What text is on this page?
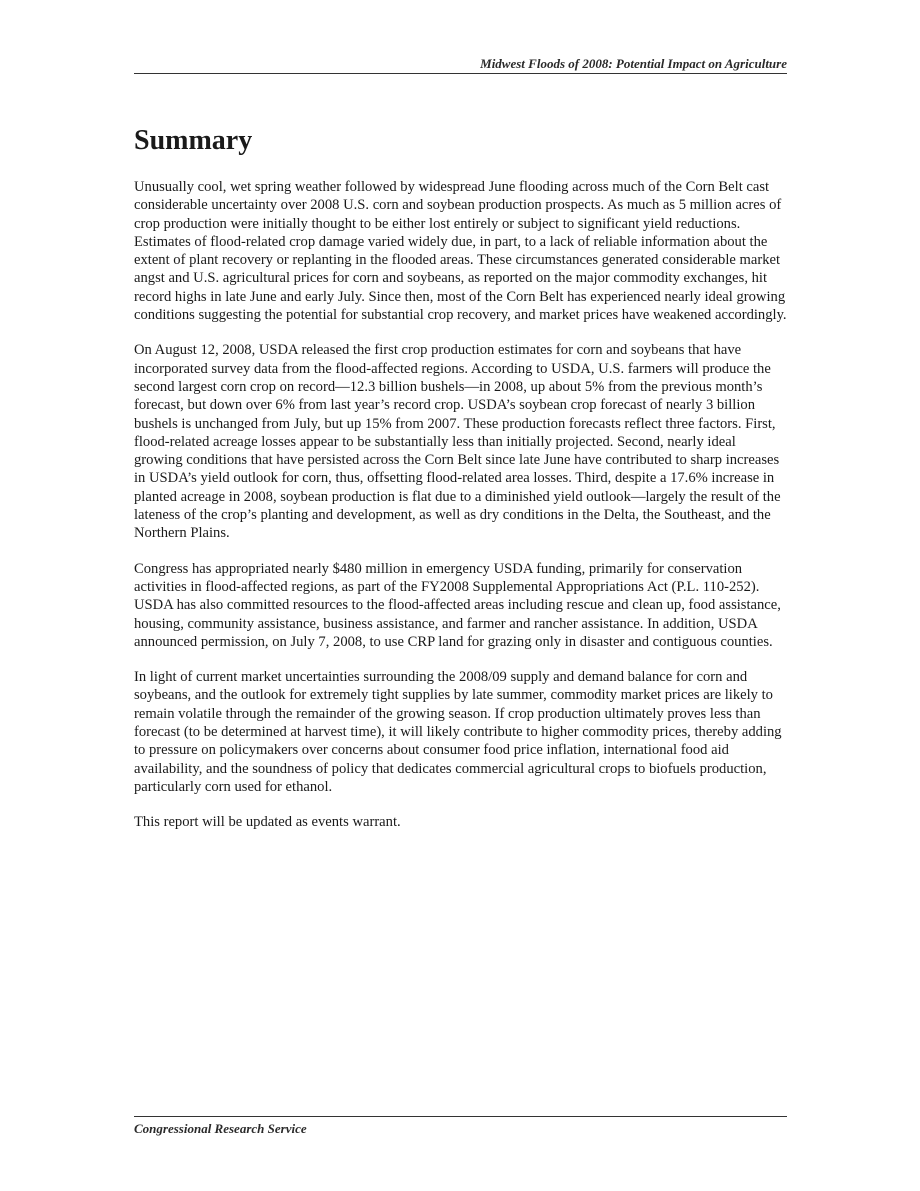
Midwest Floods of 2008: Potential Impact on Agriculture
Summary

Unusually cool, wet spring weather followed by widespread June flooding across much of the Corn Belt cast considerable uncertainty over 2008 U.S. corn and soybean production prospects. As much as 5 million acres of crop production were initially thought to be either lost entirely or subject to significant yield reductions. Estimates of flood-related crop damage varied widely due, in part, to a lack of reliable information about the extent of plant recovery or replanting in the flooded areas. These circumstances generated considerable market angst and U.S. agricultural prices for corn and soybeans, as reported on the major commodity exchanges, hit record highs in late June and early July. Since then, most of the Corn Belt has experienced nearly ideal growing conditions suggesting the potential for substantial crop recovery, and market prices have weakened accordingly.

On August 12, 2008, USDA released the first crop production estimates for corn and soybeans that have incorporated survey data from the flood-affected regions. According to USDA, U.S. farmers will produce the second largest corn crop on record—12.3 billion bushels—in 2008, up about 5% from the previous month’s forecast, but down over 6% from last year’s record crop. USDA’s soybean crop forecast of nearly 3 billion bushels is unchanged from July, but up 15% from 2007. These production forecasts reflect three factors. First, flood-related acreage losses appear to be substantially less than initially projected. Second, nearly ideal growing conditions that have persisted across the Corn Belt since late June have contributed to sharp increases in USDA’s yield outlook for corn, thus, offsetting flood-related area losses. Third, despite a 17.6% increase in planted acreage in 2008, soybean production is flat due to a diminished yield outlook—largely the result of the lateness of the crop’s planting and development, as well as dry conditions in the Delta, the Southeast, and the Northern Plains.

Congress has appropriated nearly $480 million in emergency USDA funding, primarily for conservation activities in flood-affected regions, as part of the FY2008 Supplemental Appropriations Act (P.L. 110-252). USDA has also committed resources to the flood-affected areas including rescue and clean up, food assistance, housing, community assistance, business assistance, and farmer and rancher assistance. In addition, USDA announced permission, on July 7, 2008, to use CRP land for grazing only in disaster and contiguous counties.

In light of current market uncertainties surrounding the 2008/09 supply and demand balance for corn and soybeans, and the outlook for extremely tight supplies by late summer, commodity market prices are likely to remain volatile through the remainder of the growing season. If crop production ultimately proves less than forecast (to be determined at harvest time), it will likely contribute to higher commodity prices, thereby adding to pressure on policymakers over concerns about consumer food price inflation, international food aid availability, and the soundness of policy that dedicates commercial agricultural crops to biofuels production, particularly corn used for ethanol.

This report will be updated as events warrant.

Congressional Research Service
